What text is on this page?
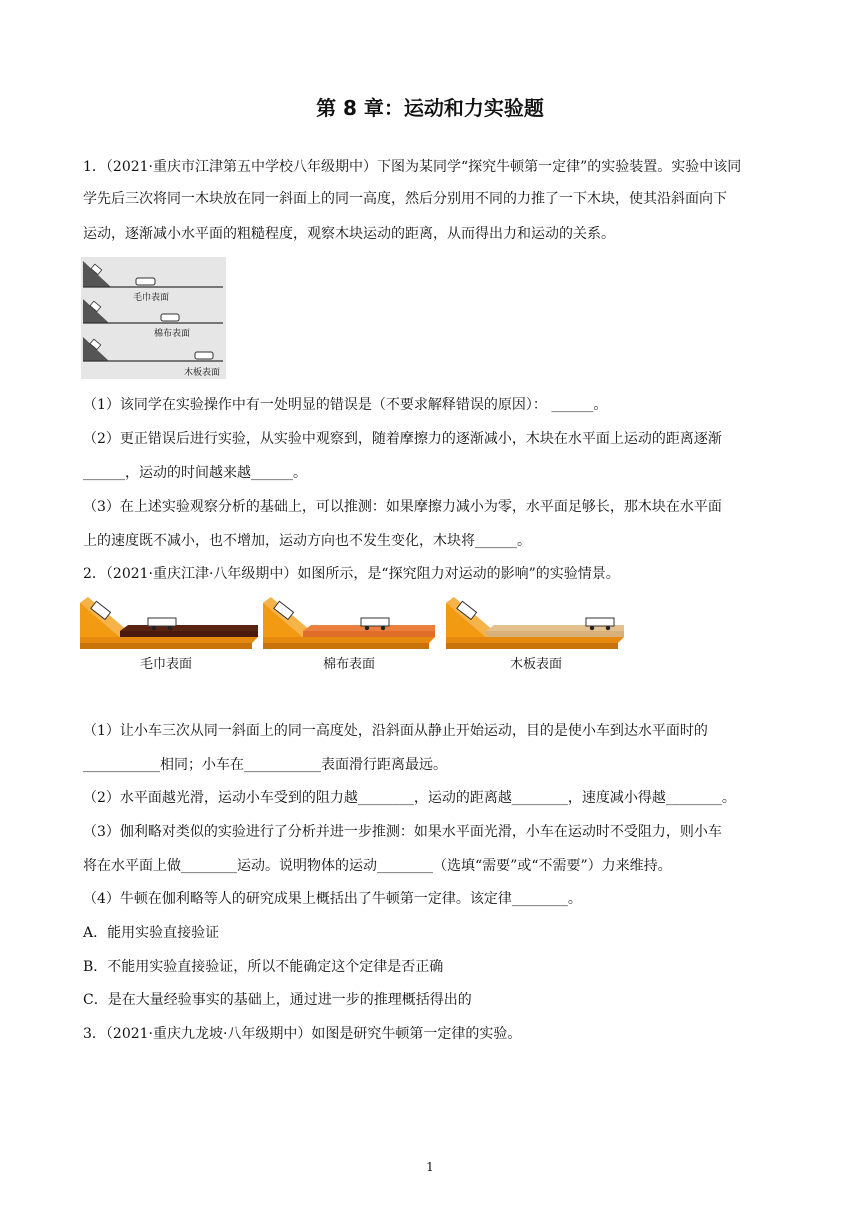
第 8 章：运动和力实验题
1．（2021·重庆市江津第五中学校八年级期中）下图为某同学“探究牛顿第一定律”的实验装置。实验中该同
学先后三次将同一木块放在同一斜面上的同一高度，然后分别用不同的力推了一下木块，使其沿斜面向下
运动，逐渐减小水平面的粗糙程度，观察木块运动的距离，从而得出力和运动的关系。
毛巾表面
棉布表面
木板表面
（1）该同学在实验操作中有一处明显的错误是（不要求解释错误的原因）： ______。
（2）更正错误后进行实验，从实验中观察到，随着摩擦力的逐渐减小，木块在水平面上运动的距离逐渐
______，运动的时间越来越______。
（3）在上述实验观察分析的基础上，可以推测：如果摩擦力减小为零，水平面足够长，那木块在水平面
上的速度既不减小，也不增加，运动方向也不发生变化，木块将______。
2．（2021·重庆江津·八年级期中）如图所示，是“探究阻力对运动的影响”的实验情景。
毛巾表面	棉布表面	木板表面
（1）让小车三次从同一斜面上的同一高度处，沿斜面从静止开始运动，目的是使小车到达水平面时的
___________相同；小车在___________表面滑行距离最远。
（2）水平面越光滑，运动小车受到的阻力越________，运动的距离越________，速度减小得越________。
（3）伽利略对类似的实验进行了分析并进一步推测：如果水平面光滑，小车在运动时不受阻力，则小车
将在水平面上做________运动。说明物体的运动________（选填“需要”或“不需要”）力来维持。
（4）牛顿在伽利略等人的研究成果上概括出了牛顿第一定律。该定律________。
A．能用实验直接验证
B．不能用实验直接验证，所以不能确定这个定律是否正确
C．是在大量经验事实的基础上，通过进一步的推理概括得出的
3．（2021·重庆九龙坡·八年级期中）如图是研究牛顿第一定律的实验。
1
